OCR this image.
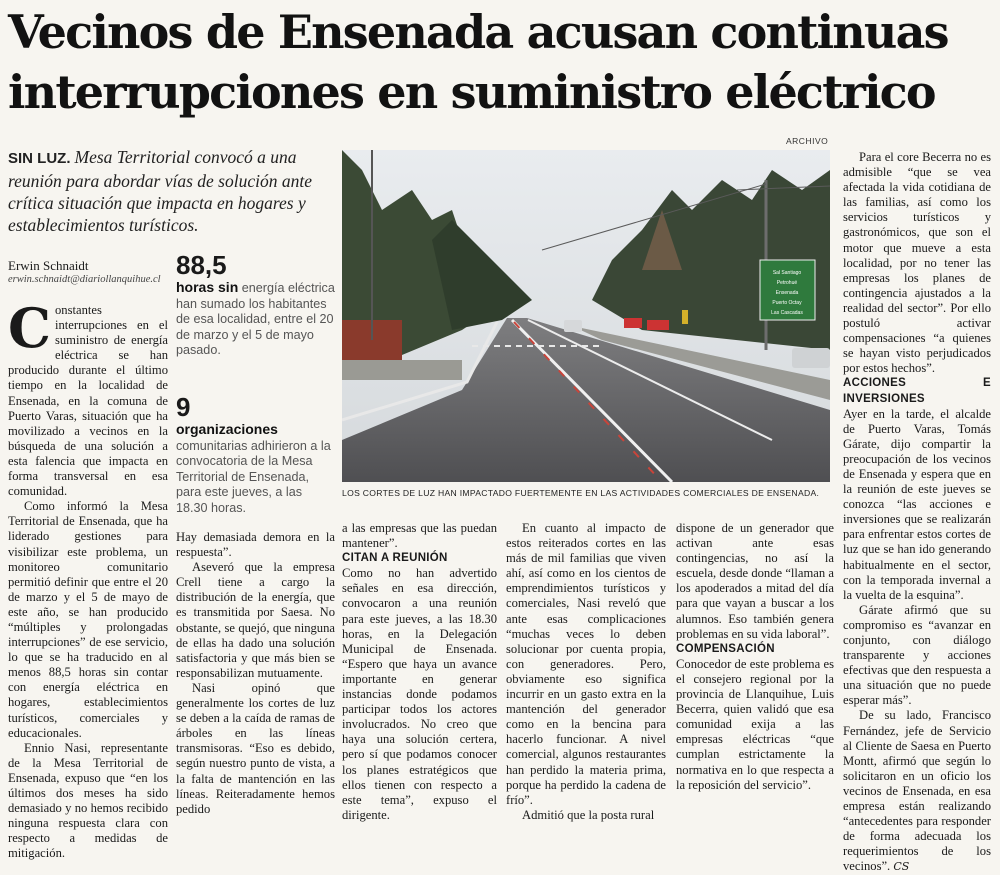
Vecinos de Ensenada acusan continuas interrupciones en suministro eléctrico
SIN LUZ. Mesa Territorial convocó a una reunión para abordar vías de solución ante crítica situación que impacta en hogares y establecimientos turísticos.
Erwin Schnaidt
erwin.schnaidt@diariollanquihue.cl 88,5
horas sin energía eléctrica han sumado los habitantes de esa localidad, entre el 20 de marzo y el 5 de mayo pasado.
9
organizaciones comunitarias adhirieron a la convocatoria de la Mesa Territorial de Ensenada, para este jueves, a las 18.30 horas.

Constantes interrupciones en el suministro de energía eléctrica se han producido durante el último tiempo en la localidad de Ensenada, en la comuna de Puerto Varas, situación que ha movilizado a vecinos en la búsqueda de una solución a esta falencia que impacta en forma transversal en esa comunidad.

Como informó la Mesa Territorial de Ensenada, que ha liderado gestiones para visibilizar este problema, un monitoreo comunitario permitió definir que entre el 20 de marzo y el 5 de mayo de este año, se han producido “múltiples y prolongadas interrupciones” de ese servicio, lo que se ha traducido en al menos 88,5 horas sin contar con energía eléctrica en hogares, establecimientos turísticos, comerciales y educacionales.

Ennio Nasi, representante de la Mesa Territorial de Ensenada, expuso que “en los últimos dos meses ha sido demasiado y no hemos recibido ninguna respuesta clara con respecto a medidas de mitigación.

ARCHIVO
Sal Santiago
Petrohué
Ensenada
Puerto Octay
Las Cascadas
LOS CORTES DE LUZ HAN IMPACTADO FUERTEMENTE EN LAS ACTIVIDADES COMERCIALES DE ENSENADA.

Hay demasiada demora en la respuesta”.

Aseveró que la empresa Crell tiene a cargo la distribución de la energía, que es transmitida por Saesa. No obstante, se quejó, que ninguna de ellas ha dado una solución satisfactoria y que más bien se responsabilizan mutuamente.

Nasi opinó que generalmente los cortes de luz se deben a la caída de ramas de árboles en las líneas transmisoras. “Eso es debido, según nuestro punto de vista, a la falta de mantención en las líneas. Reiteradamente hemos pedido

a las empresas que las puedan mantener”.

CITAN A REUNIÓN

Como no han advertido señales en esa dirección, convocaron a una reunión para este jueves, a las 18.30 horas, en la Delegación Municipal de Ensenada. “Espero que haya un avance importante en generar instancias donde podamos participar todos los actores involucrados. No creo que haya una solución certera, pero sí que podamos conocer los planes estratégicos que ellos tienen con respecto a este tema”, expuso el dirigente.

En cuanto al impacto de estos reiterados cortes en las más de mil familias que viven ahí, así como en los cientos de emprendimientos turísticos y comerciales, Nasi reveló que ante esas complicaciones “muchas veces lo deben solucionar por cuenta propia, con generadores. Pero, obviamente eso significa incurrir en un gasto extra en la mantención del generador como en la bencina para hacerlo funcionar. A nivel comercial, algunos restaurantes han perdido la materia prima, porque ha perdido la cadena de frío”.

Admitió que la posta rural

dispone de un generador que activan ante esas contingencias, no así la escuela, desde donde “llaman a los apoderados a mitad del día para que vayan a buscar a los alumnos. Eso también genera problemas en su vida laboral”.

COMPENSACIÓN

Conocedor de este problema es el consejero regional por la provincia de Llanquihue, Luis Becerra, quien validó que esa comunidad exija a las empresas eléctricas “que cumplan estrictamente la normativa en lo que respecta a la reposición del servicio”.

Para el core Becerra no es admisible “que se vea afectada la vida cotidiana de las familias, así como los servicios turísticos y gastronómicos, que son el motor que mueve a esta localidad, por no tener las empresas los planes de contingencia ajustados a la realidad del sector”. Por ello postuló activar compensaciones “a quienes se hayan visto perjudicados por estos hechos”.

ACCIONES E INVERSIONES

Ayer en la tarde, el alcalde de Puerto Varas, Tomás Gárate, dijo compartir la preocupación de los vecinos de Ensenada y espera que en la reunión de este jueves se conozca “las acciones e inversiones que se realizarán para enfrentar estos cortes de luz que se han ido generando habitualmente en el sector, con la temporada invernal a la vuelta de la esquina”.

Gárate afirmó que su compromiso es “avanzar en conjunto, con diálogo transparente y acciones efectivas que den respuesta a una situación que no puede esperar más”.

De su lado, Francisco Fernández, jefe de Servicio al Cliente de Saesa en Puerto Montt, afirmó que según lo solicitaron en un oficio los vecinos de Ensenada, en esa empresa están realizando “antecedentes para responder de forma adecuada los requerimientos de los vecinos”. CS
